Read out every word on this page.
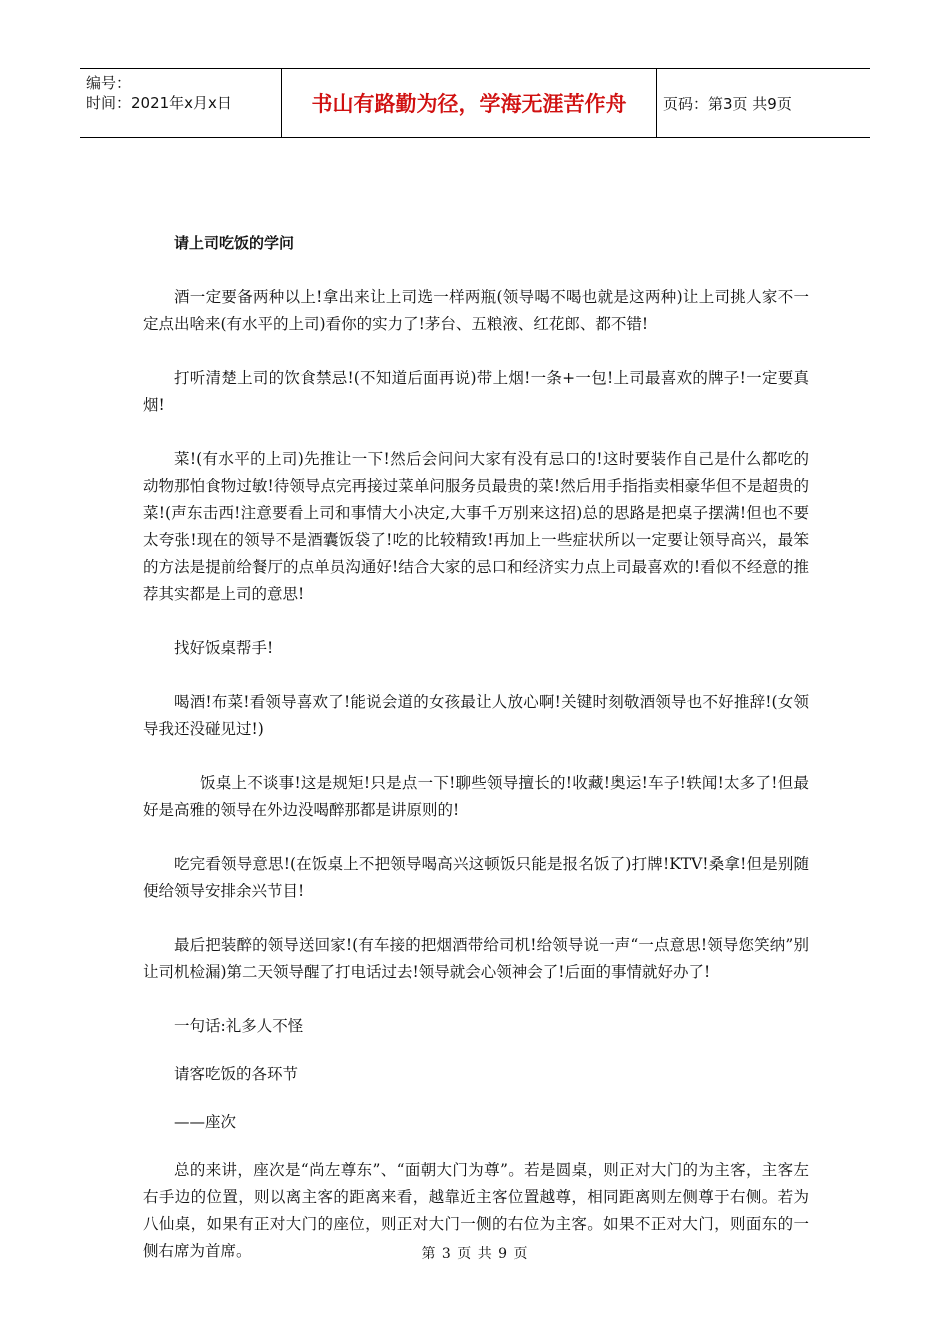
编号：
时间：2021年x月x日	书山有路勤为径，学海无涯苦作舟	页码：第3页 共9页

请上司吃饭的学问

酒一定要备两种以上!拿出来让上司选一样两瓶(领导喝不喝也就是这两种)让上司挑人家不一定点出啥来(有水平的上司)看你的实力了!茅台、五粮液、红花郎、都不错!

打听清楚上司的饮食禁忌!(不知道后面再说)带上烟!一条+一包!上司最喜欢的牌子!一定要真烟!

菜!(有水平的上司)先推让一下!然后会问问大家有没有忌口的!这时要装作自己是什么都吃的动物那怕食物过敏!待领导点完再接过菜单问服务员最贵的菜!然后用手指指卖相豪华但不是超贵的菜!(声东击西!注意要看上司和事情大小决定,大事千万别来这招)总的思路是把桌子摆满!但也不要太夸张!现在的领导不是酒囊饭袋了!吃的比较精致!再加上一些症状所以一定要让领导高兴，最笨的方法是提前给餐厅的点单员沟通好!结合大家的忌口和经济实力点上司最喜欢的!看似不经意的推荐其实都是上司的意思!

找好饭桌帮手!

喝酒!布菜!看领导喜欢了!能说会道的女孩最让人放心啊!关键时刻敬酒领导也不好推辞!(女领导我还没碰见过!)

饭桌上不谈事!这是规矩!只是点一下!聊些领导擅长的!收藏!奥运!车子!轶闻!太多了!但最好是高雅的领导在外边没喝醉那都是讲原则的!

吃完看领导意思!(在饭桌上不把领导喝高兴这顿饭只能是报名饭了)打牌!KTV!桑拿!但是别随便给领导安排余兴节目!

最后把装醉的领导送回家!(有车接的把烟酒带给司机!给领导说一声“一点意思!领导您笑纳”别让司机检漏)第二天领导醒了打电话过去!领导就会心领神会了!后面的事情就好办了!

一句话:礼多人不怪

请客吃饭的各环节

——座次

总的来讲，座次是“尚左尊东”、“面朝大门为尊”。若是圆桌，则正对大门的为主客，主客左右手边的位置，则以离主客的距离来看，越靠近主客位置越尊，相同距离则左侧尊于右侧。若为八仙桌，如果有正对大门的座位，则正对大门一侧的右位为主客。如果不正对大门，则面东的一侧右席为首席。	第 3 页 共 9 页
